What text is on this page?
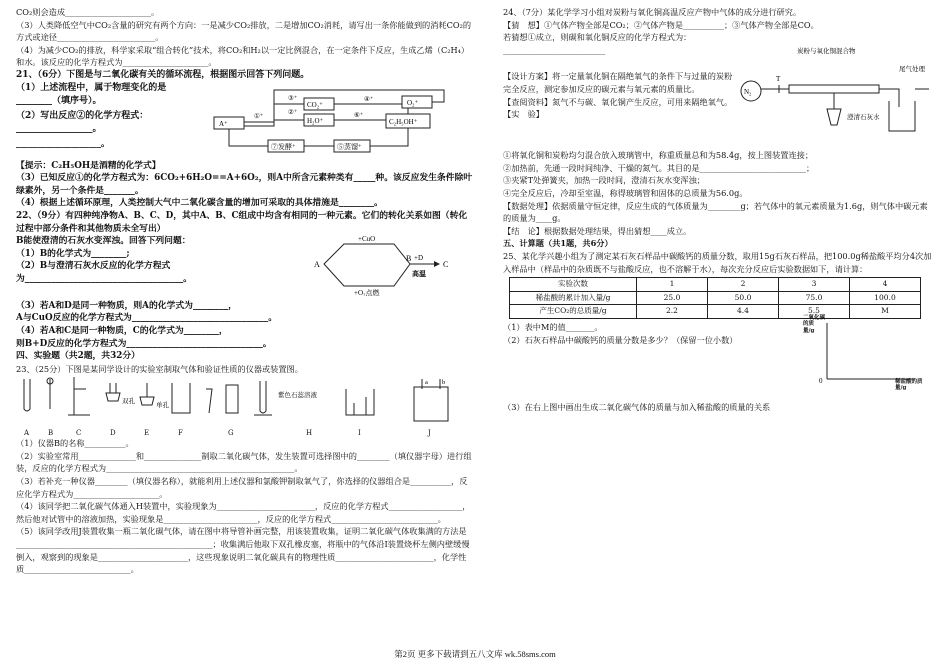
CO₂则会造成_____________________。

（3）人类降低空气中CO₂含量的研究有两个方向：一是减少CO₂排放，二是增加CO₂消耗，请写出一条你能做到的消耗CO₂的方式或途径________________________。

（4）为减少CO₂的排放，科学家采取“组合转化”技术，将CO₂和H₂以一定比例混合，在一定条件下反应，生成乙烯（C₂H₄）和水。该反应的化学方程式为_____________________。

21、（6分）下图是与二氧化碳有关的循环流程，根据图示回答下列问题。

（1）上述流程中，属于物理变化的是________（填序号）。

（2）写出反应②的化学方程式：_________________。	A⁺
CO₂⁺
H₂O⁺
O₂⁺
C₂H₅OH⁺
⑦发酵⁺	⑤蒸馏⁺
①⁺
②⁺
③⁺	④⁺
⑥⁺

____________________。

【提示：C₂H₅OH是酒精的化学式】

（3）已知反应①的化学方程式为：6CO₂+6H₂O==A+6O₂，则A中所含元素种类有_____种。该反应发生条件除叶绿素外，另一个条件是_______。

（4）根据上述循环原理，人类控制大气中二氧化碳含量的增加可采取的具体措施是________。

22、（9分）有四种纯净物A、B、C、D，其中A、B、C组成中均含有相同的一种元素。它们的转化关系如图（转化过程中部分条件和其他物质未全写出）

B能使澄清的石灰水变浑浊。回答下列问题：

（1）B的化学式为________;

（2）B与澄清石灰水反应的化学方程式

为____________________________________。

A
B
C
+CuO
+O₂点燃
+D
高温

（3）若A和D是同一种物质，则A的化学式为________，

A与CuO反应的化学方程式为_______________________________。

（4）若A和C是同一种物质，C的化学式为________，

则B+D反应的化学方程式为_______________________________。

四、实验题（共2题，共32分）

23、（25分）下图是某同学设计的实验室制取气体和验证性质的仪器或装置图。

双孔
单孔
紫色石蕊溶液
a b
A	B	C	D	E	F	G	H	I	J

（1）仪器B的名称__________。

（2）实验室常用______________和______________制取二氧化碳气体，发生装置可选择图中的________（填仪器字母）进行组装，反应的化学方程式为______________________________________________。

（3）若补充一种仪器________（填仪器名称），就能利用上述仪器和氯酸钾制取氧气了，你选择的仪器组合是__________，反应化学方程式为_____________________。

（4）该同学把二氧化碳气体通入H装置中，实验现象为________________________，反应的化学方程式__________________，然后他对试管中的溶液加热，实验现象是_______________________，反应的化学方程式__________________________。

（5）该同学改用J装置收集一瓶二氧化碳气体，请在图中将导管补画完整，用该装置收集，证明二氧化碳气体收集满的方法是________________________________________________；收集满后他取下双孔橡皮塞，将瓶中的气体沿I装置烧杯左侧内壁缓慢倒入，观察到的现象是______________________，这些现象说明二氧化碳具有的物理性质________________________，化学性质__________________________。

24、（7分）某化学学习小组对炭粉与氧化铜高温反应产物中气体的成分进行研究。

【猜　想】①气体产物全部是CO₂；②气体产物是__________；③气体产物全部是CO。

若猜想①成立，则碳和氧化铜反应的化学方程式为：_________________________

【设计方案】将一定量氧化铜在隔绝氧气的条件下与过量的炭粉完全反应，测定参加反应的碳元素与氧元素的质量比。

【查阅资料】氮气不与碳、氧化铜产生反应，可用来隔绝氧气。

【实　验】

T
N₂
炭粉与氧化铜混合物
尾气处理
澄清石灰水

①将氧化铜和炭粉均匀混合放入玻璃管中，称重质量总和为58.4g，按上图装置连接；

②加热前，先通一段时间纯净、干燥的氮气。其目的是__________________________；

③夹紧T处弹簧夹，加热一段时间，澄清石灰水变浑浊；

④完全反应后，冷却至室温，称得玻璃管和固体的总质量为56.0g。

【数据处理】依据质量守恒定律，反应生成的气体质量为________g；若气体中的氧元素质量为1.6g，则气体中碳元素的质量为____g。

【结　论】根据数据处理结果，得出猜想____成立。

五、计算题（共1题，共6分）

25、某化学兴趣小组为了测定某石灰石样品中碳酸钙的质量分数，取用15g石灰石样品，把100.0g稀盐酸平均分4次加入样品中（样品中的杂质既不与盐酸反应，也不溶解于水），每次充分反应后实验数据如下，请计算：

实验次数	1	2	3	4
稀盐酸的累计加入量/g	25.0	50.0	75.0	100.0
产生CO₂的总质量/g	2.2	4.4	5.5	M

（1）表中M的值_______。

（2）石灰石样品中碳酸钙的质量分数是多少？（保留一位小数）

0
二氧化碳的质量/g
稀盐酸的质量/g

（3）在右上图中画出生成二氧化碳气体的质量与加入稀盐酸的质量的关系

第2页 更多下载请到五八文库 wk.58sms.com
